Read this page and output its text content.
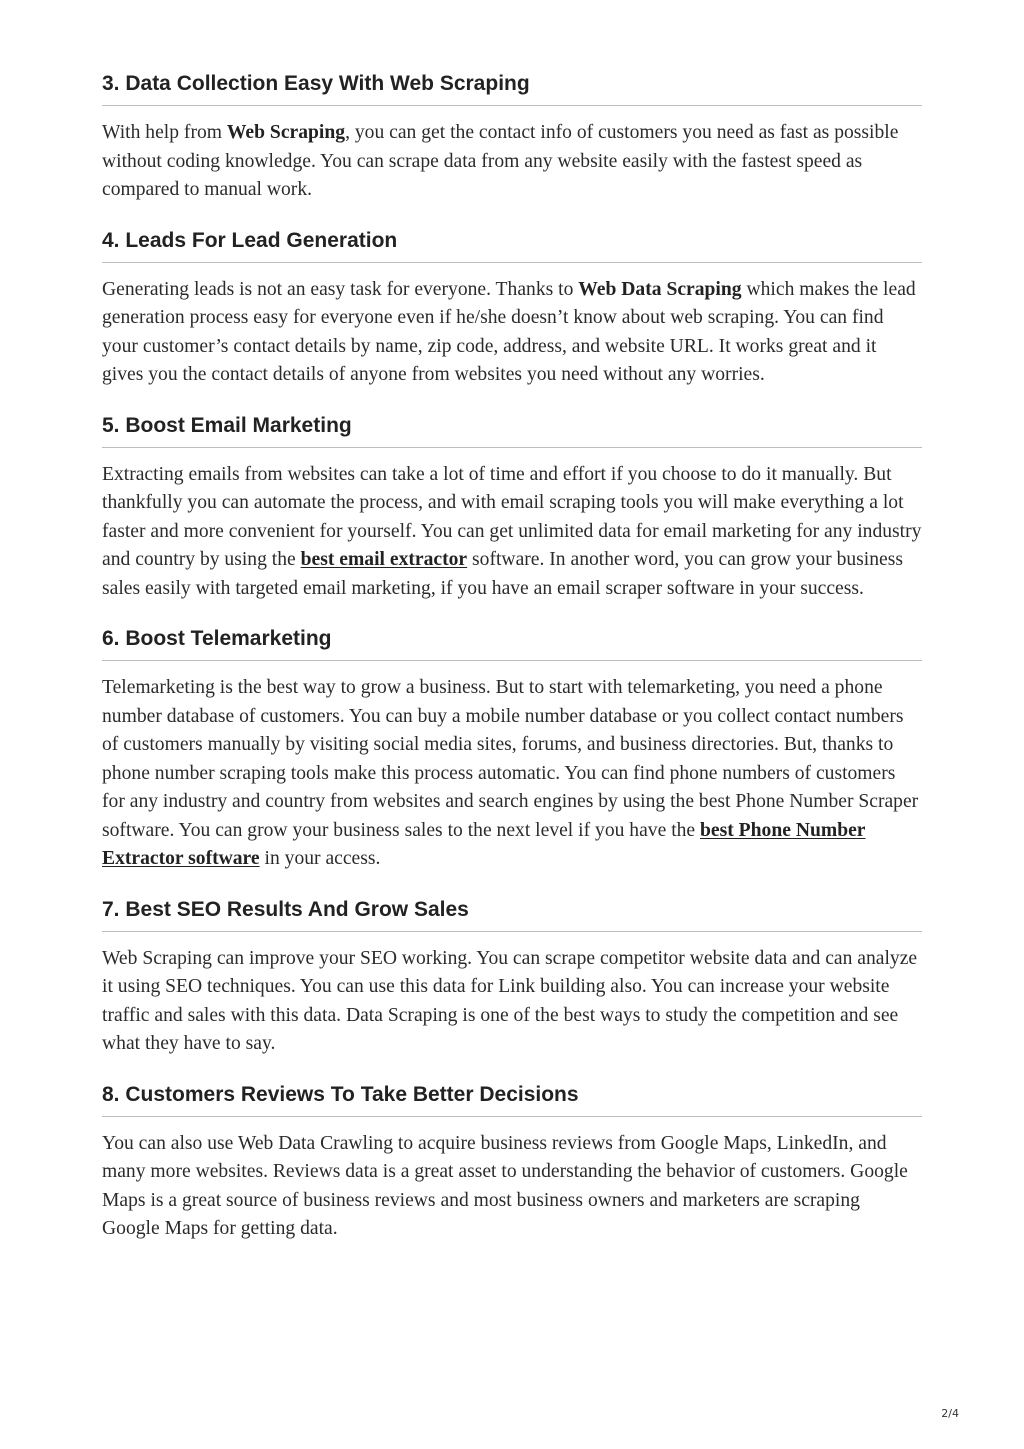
3. Data Collection Easy With Web Scraping

With help from Web Scraping, you can get the contact info of customers you need as fast as possible without coding knowledge. You can scrape data from any website easily with the fastest speed as compared to manual work.

4. Leads For Lead Generation

Generating leads is not an easy task for everyone. Thanks to Web Data Scraping which makes the lead generation process easy for everyone even if he/she doesn’t know about web scraping. You can find your customer’s contact details by name, zip code, address, and website URL. It works great and it gives you the contact details of anyone from websites you need without any worries.

5. Boost Email Marketing

Extracting emails from websites can take a lot of time and effort if you choose to do it manually. But thankfully you can automate the process, and with email scraping tools you will make everything a lot faster and more convenient for yourself. You can get unlimited data for email marketing for any industry and country by using the best email extractor software. In another word, you can grow your business sales easily with targeted email marketing, if you have an email scraper software in your success.

6. Boost Telemarketing

Telemarketing is the best way to grow a business. But to start with telemarketing, you need a phone number database of customers. You can buy a mobile number database or you collect contact numbers of customers manually by visiting social media sites, forums, and business directories. But, thanks to phone number scraping tools make this process automatic. You can find phone numbers of customers for any industry and country from websites and search engines by using the best Phone Number Scraper software. You can grow your business sales to the next level if you have the best Phone Number Extractor software in your access.

7. Best SEO Results And Grow Sales

Web Scraping can improve your SEO working. You can scrape competitor website data and can analyze it using SEO techniques. You can use this data for Link building also. You can increase your website traffic and sales with this data. Data Scraping is one of the best ways to study the competition and see what they have to say.

8. Customers Reviews To Take Better Decisions

You can also use Web Data Crawling to acquire business reviews from Google Maps, LinkedIn, and many more websites. Reviews data is a great asset to understanding the behavior of customers. Google Maps is a great source of business reviews and most business owners and marketers are scraping Google Maps for getting data.

2/4
